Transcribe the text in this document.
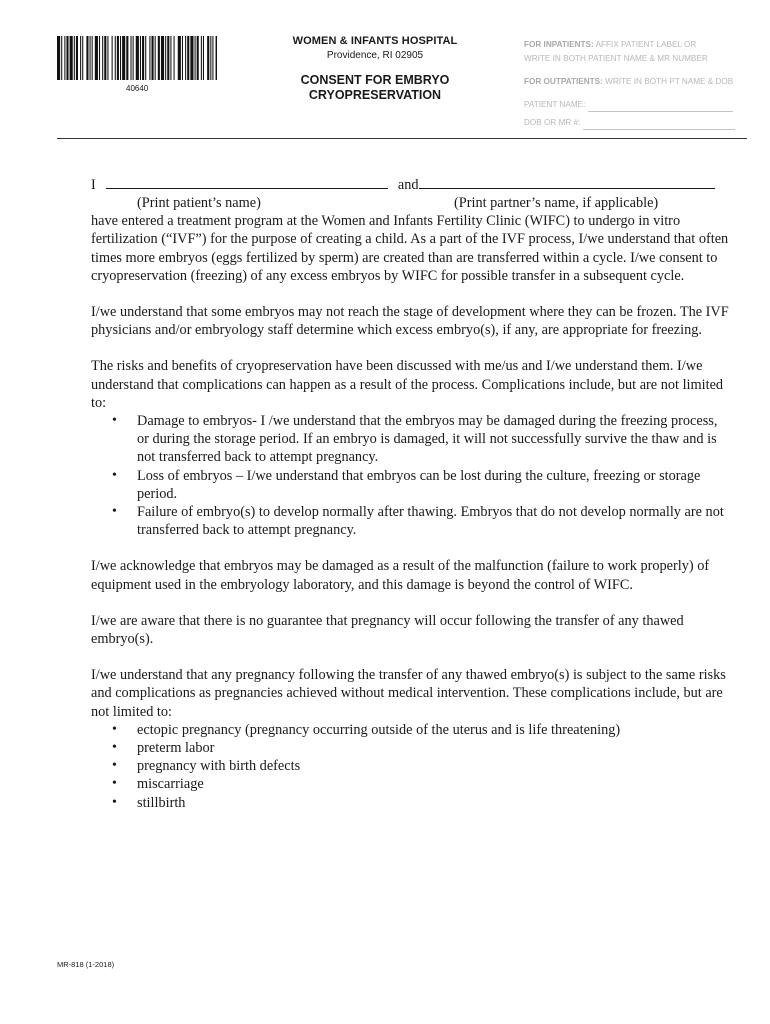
40640
WOMEN & INFANTS HOSPITAL
Providence, RI 02905
CONSENT FOR EMBRYO
CRYOPRESERVATION
FOR INPATIENTS: AFFIX PATIENT LABEL OR
WRITE IN BOTH PATIENT NAME & MR NUMBER
FOR OUTPATIENTS: WRITE IN BOTH PT NAME & DOB
PATIENT NAME:
DOB OR MR #:
I	and
(Print patient’s name)	(Print partner’s name, if applicable)

have entered a treatment program at the Women and Infants Fertility Clinic (WIFC) to undergo in vitro fertilization (“IVF”) for the purpose of creating a child. As a part of the IVF process, I/we understand that often times more embryos (eggs fertilized by sperm) are created than are transferred within a cycle. I/we consent to cryopreservation (freezing) of any excess embryos by WIFC for possible transfer in a subsequent cycle.

I/we understand that some embryos may not reach the stage of development where they can be frozen. The IVF physicians and/or embryology staff determine which excess embryo(s), if any, are appropriate for freezing.

The risks and benefits of cryopreservation have been discussed with me/us and I/we understand them. I/we understand that complications can happen as a result of the process. Complications include, but are not limited to:
• Damage to embryos- I /we understand that the embryos may be damaged during the freezing process, or during the storage period. If an embryo is damaged, it will not successfully survive the thaw and is not transferred back to attempt pregnancy.
• Loss of embryos – I/we understand that embryos can be lost during the culture, freezing or storage period.
• Failure of embryo(s) to develop normally after thawing. Embryos that do not develop normally are not transferred back to attempt pregnancy.

I/we acknowledge that embryos may be damaged as a result of the malfunction (failure to work properly) of equipment used in the embryology laboratory, and this damage is beyond the control of WIFC.

I/we are aware that there is no guarantee that pregnancy will occur following the transfer of any thawed embryo(s).

I/we understand that any pregnancy following the transfer of any thawed embryo(s) is subject to the same risks and complications as pregnancies achieved without medical intervention. These complications include, but are not limited to:
• ectopic pregnancy (pregnancy occurring outside of the uterus and is life threatening)
• preterm labor
• pregnancy with birth defects
• miscarriage
• stillbirth
MR-818 (1-2018)
